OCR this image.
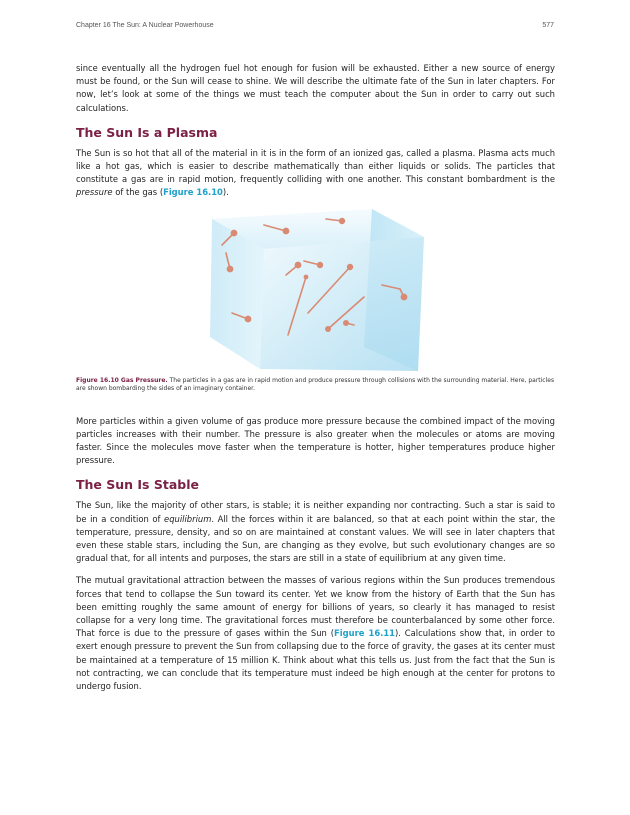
Chapter 16 The Sun: A Nuclear Powerhouse	577

since eventually all the hydrogen fuel hot enough for fusion will be exhausted. Either a new source of energy must be found, or the Sun will cease to shine. We will describe the ultimate fate of the Sun in later chapters. For now, let’s look at some of the things we must teach the computer about the Sun in order to carry out such calculations.

The Sun Is a Plasma

The Sun is so hot that all of the material in it is in the form of an ionized gas, called a plasma. Plasma acts much like a hot gas, which is easier to describe mathematically than either liquids or solids. The particles that constitute a gas are in rapid motion, frequently colliding with one another. This constant bombardment is the pressure of the gas (Figure 16.10).

Figure 16.10 Gas Pressure. The particles in a gas are in rapid motion and produce pressure through collisions with the surrounding material. Here, particles are shown bombarding the sides of an imaginary container.

More particles within a given volume of gas produce more pressure because the combined impact of the moving particles increases with their number. The pressure is also greater when the molecules or atoms are moving faster. Since the molecules move faster when the temperature is hotter, higher temperatures produce higher pressure.

The Sun Is Stable

The Sun, like the majority of other stars, is stable; it is neither expanding nor contracting. Such a star is said to be in a condition of equilibrium. All the forces within it are balanced, so that at each point within the star, the temperature, pressure, density, and so on are maintained at constant values. We will see in later chapters that even these stable stars, including the Sun, are changing as they evolve, but such evolutionary changes are so gradual that, for all intents and purposes, the stars are still in a state of equilibrium at any given time.

The mutual gravitational attraction between the masses of various regions within the Sun produces tremendous forces that tend to collapse the Sun toward its center. Yet we know from the history of Earth that the Sun has been emitting roughly the same amount of energy for billions of years, so clearly it has managed to resist collapse for a very long time. The gravitational forces must therefore be counterbalanced by some other force. That force is due to the pressure of gases within the Sun (Figure 16.11). Calculations show that, in order to exert enough pressure to prevent the Sun from collapsing due to the force of gravity, the gases at its center must be maintained at a temperature of 15 million K. Think about what this tells us. Just from the fact that the Sun is not contracting, we can conclude that its temperature must indeed be high enough at the center for protons to undergo fusion.
